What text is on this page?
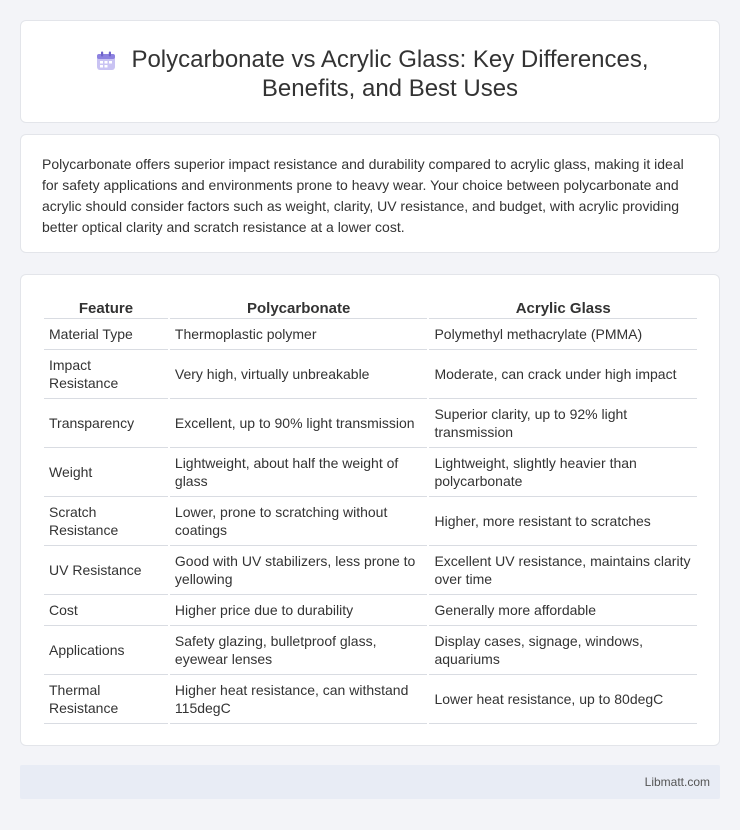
Polycarbonate vs Acrylic Glass: Key Differences, Benefits, and Best Uses

Polycarbonate offers superior impact resistance and durability compared to acrylic glass, making it ideal for safety applications and environments prone to heavy wear. Your choice between polycarbonate and acrylic should consider factors such as weight, clarity, UV resistance, and budget, with acrylic providing better optical clarity and scratch resistance at a lower cost.

Feature	Polycarbonate	Acrylic Glass
Material Type	Thermoplastic polymer	Polymethyl methacrylate (PMMA)
Impact Resistance	Very high, virtually unbreakable	Moderate, can crack under high impact
Transparency	Excellent, up to 90% light transmission	Superior clarity, up to 92% light transmission
Weight	Lightweight, about half the weight of glass	Lightweight, slightly heavier than polycarbonate
Scratch Resistance	Lower, prone to scratching without coatings	Higher, more resistant to scratches
UV Resistance	Good with UV stabilizers, less prone to yellowing	Excellent UV resistance, maintains clarity over time
Cost	Higher price due to durability	Generally more affordable
Applications	Safety glazing, bulletproof glass, eyewear lenses	Display cases, signage, windows, aquariums
Thermal Resistance	Higher heat resistance, can withstand 115degC	Lower heat resistance, up to 80degC
Libmatt.com
